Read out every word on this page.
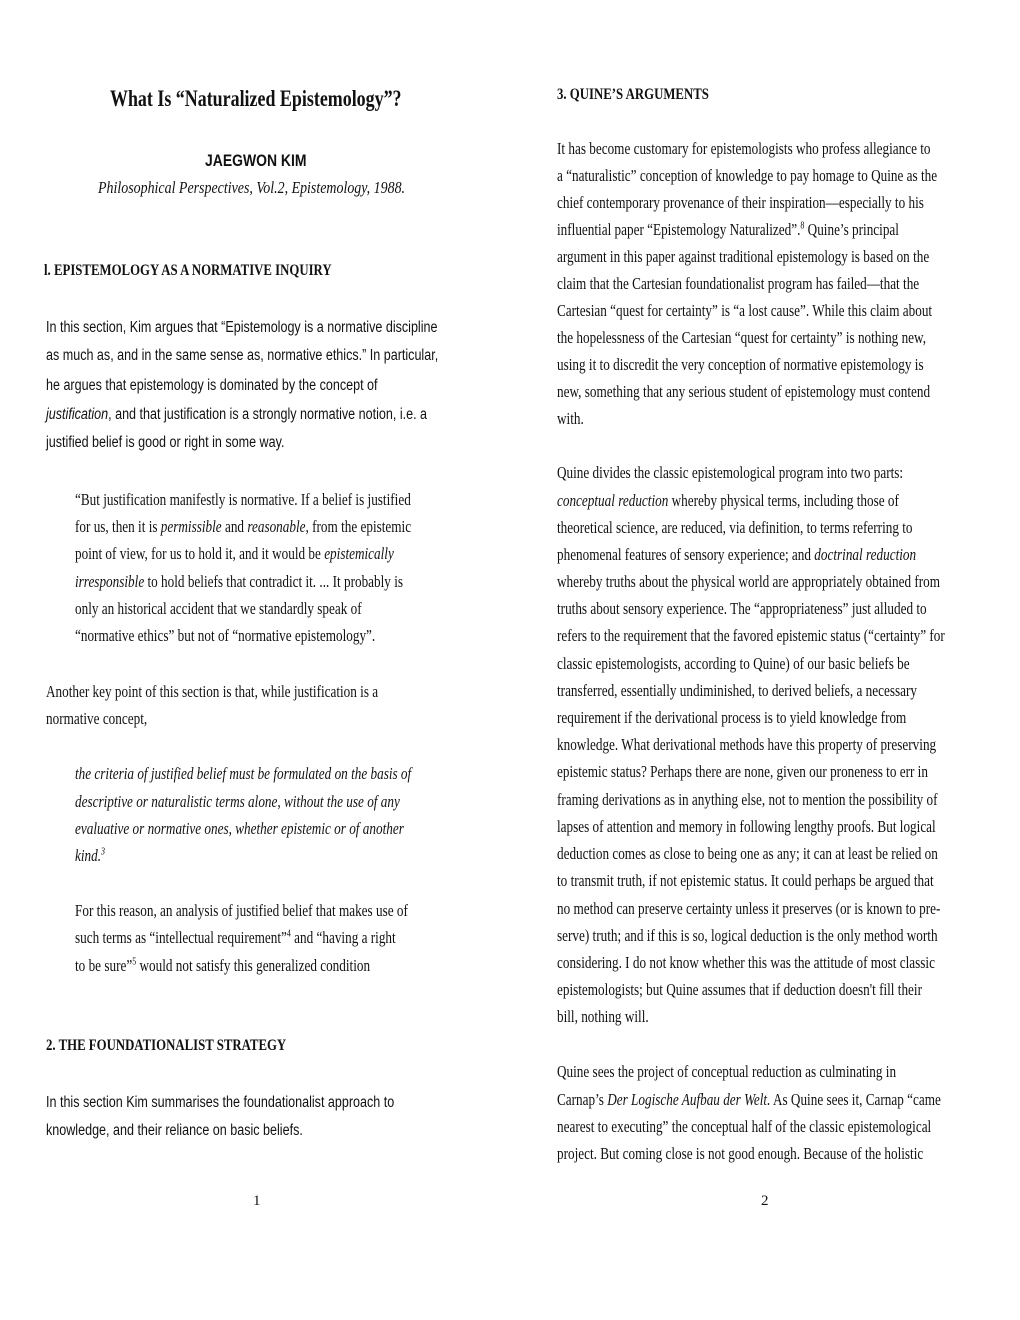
What Is “Naturalized Epistemology”?
JAEGWON KIM
Philosophical Perspectives, Vol.2, Epistemology, 1988.
l. EPISTEMOLOGY AS A NORMATIVE INQUIRY
In this section, Kim argues that “Epistemology is a normative discipline
as much as, and in the same sense as, normative ethics.” In particular,
he argues that epistemology is dominated by the concept of
justification, and that justification is a strongly normative notion, i.e. a
justified belief is good or right in some way.
“But justification manifestly is normative. If a belief is justified
for us, then it is permissible and reasonable, from the epistemic
point of view, for us to hold it, and it would be epistemically
irresponsible to hold beliefs that contradict it. ... It probably is
only an historical accident that we standardly speak of
“normative ethics” but not of “normative epistemology”.
Another key point of this section is that, while justification is a
normative concept,
the criteria of justified belief must be formulated on the basis of
descriptive or naturalistic terms alone, without the use of any
evaluative or normative ones, whether epistemic or of another
kind.$^3$
For this reason, an analysis of justified belief that makes use of
such terms as “intellectual requirement”$^4$ and “having a right
to be sure”$^5$ would not satisfy this generalized condition
2. THE FOUNDATIONALIST STRATEGY
In this section Kim summarises the foundationalist approach to
knowledge, and their reliance on basic beliefs.
1
3. QUINE’S ARGUMENTS
It has become customary for epistemologists who profess allegiance to
a “naturalistic” conception of knowledge to pay homage to Quine as the
chief contemporary provenance of their inspiration—especially to his
influential paper “Epistemology Naturalized”.$^8$ Quine’s principal
argument in this paper against traditional epistemology is based on the
claim that the Cartesian foundationalist program has failed—that the
Cartesian “quest for certainty” is “a lost cause”. While this claim about
the hopelessness of the Cartesian “quest for certainty” is nothing new,
using it to discredit the very conception of normative epistemology is
new, something that any serious student of epistemology must contend
with.
Quine divides the classic epistemological program into two parts:
conceptual reduction whereby physical terms, including those of
theoretical science, are reduced, via definition, to terms referring to
phenomenal features of sensory experience; and doctrinal reduction
whereby truths about the physical world are appropriately obtained from
truths about sensory experience. The “appropriateness” just alluded to
refers to the requirement that the favored epistemic status (“certainty” for
classic epistemologists, according to Quine) of our basic beliefs be
transferred, essentially undiminished, to derived beliefs, a necessary
requirement if the derivational process is to yield knowledge from
knowledge. What derivational methods have this property of preserving
epistemic status? Perhaps there are none, given our proneness to err in
framing derivations as in anything else, not to mention the possibility of
lapses of attention and memory in following lengthy proofs. But logical
deduction comes as close to being one as any; it can at least be relied on
to transmit truth, if not epistemic status. It could perhaps be argued that
no method can preserve certainty unless it preserves (or is known to pre-
serve) truth; and if this is so, logical deduction is the only method worth
considering. I do not know whether this was the attitude of most classic
epistemologists; but Quine assumes that if deduction doesn't fill their
bill, nothing will.
Quine sees the project of conceptual reduction as culminating in
Carnap’s Der Logische Aufbau der Welt. As Quine sees it, Carnap “came
nearest to executing” the conceptual half of the classic epistemological
project. But coming close is not good enough. Because of the holistic
2
